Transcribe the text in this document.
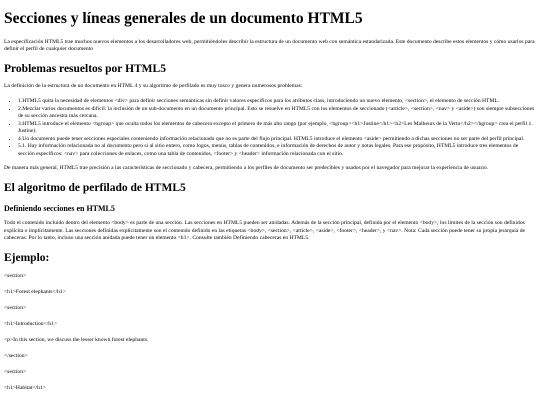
Secciones y líneas generales de un documento HTML5

La especificación HTML5 trae muchos nuevos elementos a los desarrolladores web, permitiéndoles describir la estructura de un documento web con semántica estandarizada. Este documento describe estos elementos y cómo usarlos para definir el perfil de cualquier documento

Problemas resueltos por HTML5

La definición de la estructura de un documento en HTML 4 y su algoritmo de perfilado es muy tosco y genera numerosos problemas:

• 1.HTML5 quita la necesidad de elementos <div> para definir secciones semánticas sin definir valores específicos para los atributos class, introduciendo un nuevo elemento, <section>, el elemento de sección HTML.
• 2.Mezclar varios documentos es difícil: la inclusión de un sub-documento en un documento principal. Esto se resuelve en HTML5 con los elementos de seccionado (<article>, <section>, <nav> y <aside>) son siempre subsecciones de su sección ancestra más cercana.
• 3.HTML5 introduce el elemento <hgroup> que oculta todos los elementos de cabecera excepto el primero de más alto rango (por ejemplo, <hgroup><h1>Justine</h1><h2>Les Malheurs de la Vertu</h2></hgroup> crea el perfil 1. Justine).
• 4.Un documento puede tener secciones especiales conteniendo información relacionado que no es parte del flujo principal. HTML5 introduce el elemento <aside> permitiendo a dichas secciones no ser parte del perfil principal.
• 5.1. Hay información relacionada no al documento pero si al sitio entero, como logos, menús, tablas de contenidos, e información de derechos de autor y notas legales. Para ese propósito, HTML5 introduce tres elementos de sección específicos: <nav> para colecciones de enlaces, como una tabla de contenidos, <footer> y <header> información relacionada con el sitio.

De manera más general, HTML5 trae precisión a las características de seccionado y cabecera, permitiendo a los perfiles de documento ser predecibles y usados por el navegador para mejorar la experiencia de usuario.

El algoritmo de perfilado de HTML5
Definiendo secciones en HTML5

Todo el contenido incluido dentro del elemento <body> es parte de una sección. Las secciones en HTML5 pueden ser anidadas. Además de la sección principal, definida por el elemento <body>, los límites de la sección son definidos explícita o implícitamente. Las secciones definidas explícitamente son el contenido definido en las etiquetas <body>, <section>, <article>, <aside>, <footer>, <header>, y <nav>. Nota: Cada sección puede tener su propia jerarquía de cabeceras. Por lo tanto, incluso una sección anidada puede tener un elemento <h1>. Consulte también Definiendo cabeceras en HTML5.

Ejemplo:

<section>

<h1>Forest elephants</h1>

<section>

<h1>Introduction</h1>

<p>In this section, we discuss the lesser known forest elephants.

</section>

<section>

<h1>Habitat</h1>
